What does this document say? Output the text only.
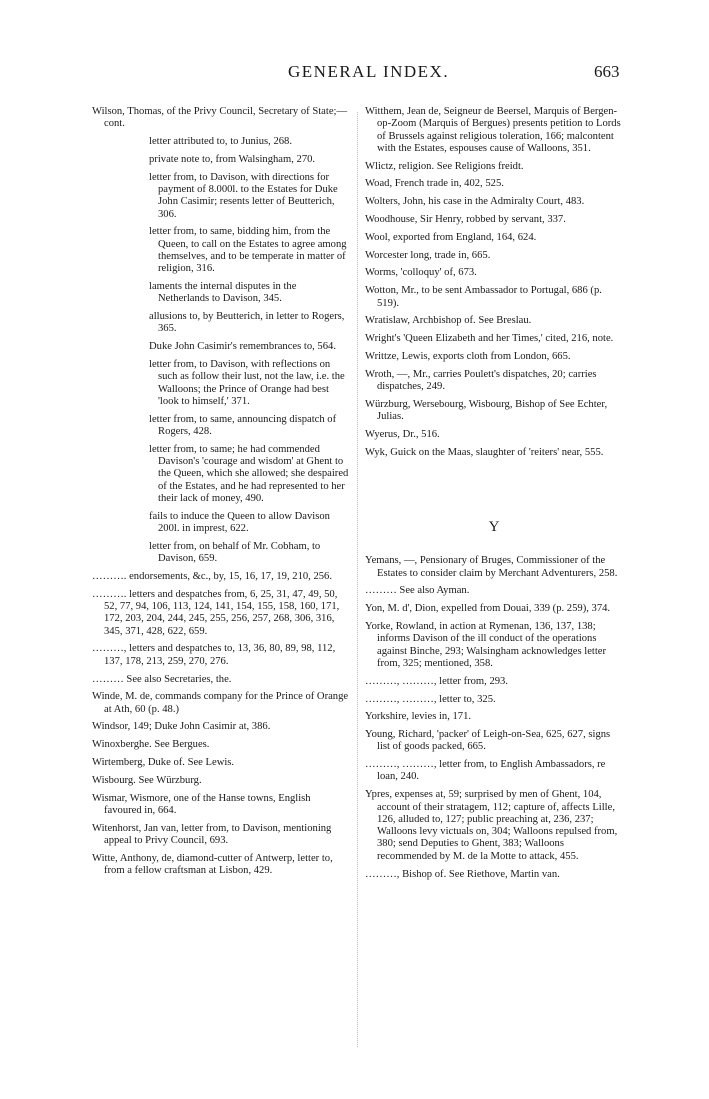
GENERAL INDEX.	663
Wilson, Thomas, of the Privy Council, Secretary of State;—cont.
letter attributed to, to Junius, 268.
private note to, from Walsingham, 270.
letter from, to Davison, with directions for payment of 8.000l. to the Estates for Duke John Casimir; resents letter of Beutterich, 306.
letter from, to same, bidding him, from the Queen, to call on the Estates to agree among themselves, and to be temperate in matter of religion, 316.
laments the internal disputes in the Netherlands to Davison, 345.
allusions to, by Beutterich, in letter to Rogers, 365.
Duke John Casimir's remembrances to, 564.
letter from, to Davison, with reflections on such as follow their lust, not the law, i.e. the Walloons; the Prince of Orange had best 'look to himself,' 371.
letter from, to same, announcing dispatch of Rogers, 428.
letter from, to same; he had commended Davison's 'courage and wisdom' at Ghent to the Queen, which she allowed; she despaired of the Estates, and he had represented to her their lack of money, 490.
fails to induce the Queen to allow Davison 200l. in imprest, 622.
letter from, on behalf of Mr. Cobham, to Davison, 659.
………. endorsements, &c., by, 15, 16, 17, 19, 210, 256.
………. letters and despatches from, 6, 25, 31, 47, 49, 50, 52, 77, 94, 106, 113, 124, 141, 154, 155, 158, 160, 171, 172, 203, 204, 244, 245, 255, 256, 257, 268, 306, 316, 345, 371, 428, 622, 659.
………, letters and despatches to, 13, 36, 80, 89, 98, 112, 137, 178, 213, 259, 270, 276.
……… See also Secretaries, the.
Winde, M. de, commands company for the Prince of Orange at Ath, 60 (p. 48.)
Windsor, 149; Duke John Casimir at, 386.
Winoxberghe. See Bergues.
Wirtemberg, Duke of. See Lewis.
Wisbourg. See Würzburg.
Wismar, Wismore, one of the Hanse towns, English favoured in, 664.
Witenhorst, Jan van, letter from, to Davison, mentioning appeal to Privy Council, 693.
Witte, Anthony, de, diamond-cutter of Antwerp, letter to, from a fellow craftsman at Lisbon, 429.
Witthem, Jean de, Seigneur de Beersel, Marquis of Bergen-op-Zoom (Marquis of Bergues) presents petition to Lords of Brussels against religious toleration, 166; malcontent with the Estates, espouses cause of Walloons, 351.
Wlictz, religion. See Religions freidt.
Woad, French trade in, 402, 525.
Wolters, John, his case in the Admiralty Court, 483.
Woodhouse, Sir Henry, robbed by servant, 337.
Wool, exported from England, 164, 624.
Worcester long, trade in, 665.
Worms, 'colloquy' of, 673.
Wotton, Mr., to be sent Ambassador to Portugal, 686 (p. 519).
Wratislaw, Archbishop of. See Breslau.
Wright's 'Queen Elizabeth and her Times,' cited, 216, note.
Writtze, Lewis, exports cloth from London, 665.
Wroth, —, Mr., carries Poulett's dispatches, 20; carries dispatches, 249.
Würzburg, Wersebourg, Wisbourg, Bishop of See Echter, Julias.
Wyerus, Dr., 516.
Wyk, Guick on the Maas, slaughter of 'reiters' near, 555.
Y
Yemans, —, Pensionary of Bruges, Commissioner of the Estates to consider claim by Merchant Adventurers, 258.
……… See also Ayman.
Yon, M. d', Dion, expelled from Douai, 339 (p. 259), 374.
Yorke, Rowland, in action at Rymenan, 136, 137, 138; informs Davison of the ill conduct of the operations against Binche, 293; Walsingham acknowledges letter from, 325; mentioned, 358.
………, ………, letter from, 293.
………, ………, letter to, 325.
Yorkshire, levies in, 171.
Young, Richard, 'packer' of Leigh-on-Sea, 625, 627, signs list of goods packed, 665.
………, ………, letter from, to English Ambassadors, re loan, 240.
Ypres, expenses at, 59; surprised by men of Ghent, 104, account of their stratagem, 112; capture of, affects Lille, 126, alluded to, 127; public preaching at, 236, 237; Walloons levy victuals on, 304; Walloons repulsed from, 380; send Deputies to Ghent, 383; Walloons recommended by M. de la Motte to attack, 455.
………, Bishop of. See Riethove, Martin van.
